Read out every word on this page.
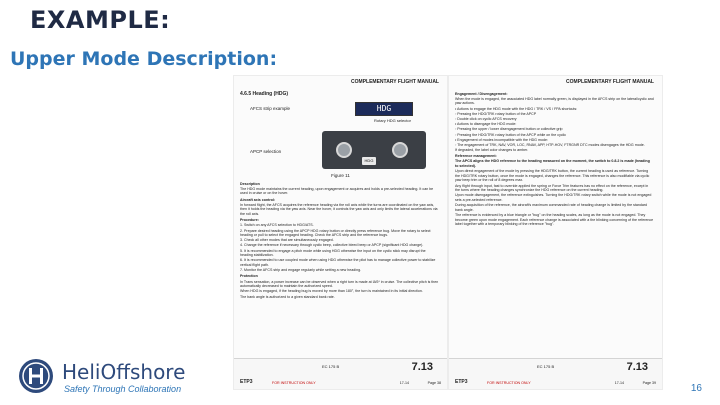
EXAMPLE:
Upper Mode Description:
COMPLEMENTARY FLIGHT MANUAL
4.6.5 Heading (HDG)
AFCS strip example	HDG
Rotary HDG selector
APCP selection
HDG
Figure 11

Description

The HDG mode maintains the current heading, upon engagement or acquires and holds a pre-selected heading. It can be used in cruise or on the hover.

Aircraft axis control:

In forward flight, the AFCS acquires the reference heading via the roll axis while the turns are coordinated on the yaw axis, then it holds the heading via the yaw axis. Near the hover, it controls the yaw axis and only limits the lateral accelerations via the roll axis.

Procedure:

1. Switch on any AFCS selection to HDG/ATS.

2. Prepare desired heading using the APCP HDG rotary button or directly press reference bug. Move the rotary to select heading or pull to select the engaged heading. Check the AFCS strip and the reference bugs.

3. Check all other modes that are simultaneously engaged.

4. Change the reference if necessary through cyclic beep, collective bleed beep or APCP (significant HDG change).

5. It is recommended to engage a pitch mode while using HDG otherwise the input on the cyclic stick may disrupt the heading stabilization.

6. It is recommended to use coupled mode when using HDG otherwise the pilot has to manage collective power to stabilize vertical flight path.

7. Monitor the AFCS strip and engage regularly while setting a new heading.

Protection

In Trans sensation, a power increase can be observed when a right turn is made at IAS* in cruise. The collective pitch is then automatically decreased to maintain the authorized speed.

When HDG is engaged, if the heading bug is moved by more than 180°, the turn is maintained in its initial direction.

The bank angle is authorized to a given standard bank rate.

EC 175 B	7.13
ETP3	FOR INSTRUCTION ONLY	17-14	Page 38
COMPLEMENTARY FLIGHT MANUAL

Engagement / Disengagement:

When the mode is engaged, the associated HDG label normally green, is displayed in the AFCS strip on the lateral/cyclic and yaw actions.

• Actions to engage the HDG mode with the HDG / TRK / VS / FPA shortcuts:

◦ Pressing the HDG/TRK rotary button of the APCP

◦ Double click on cyclic AFCS recovery

• Actions to disengage the HDG mode:

◦ Pressing the upper / lower disengagement button or collective grip

◦ Pressing the HDG/TRK rotary button of the APCP while on the cyclic

• Engagement of modes incompatible with the HDG mode:

◦ The engagement of TRK, NAV, VOR, LOC, RNAV, APP, HTP-HOV, FTRGNR DTC modes disengages the HDG mode.

If degraded, the label color changes to amber.

Reference management:

The APCS aligns the HDG reference to the heading measured on the moment, the switch to 0.8.2 is made (heading to selected).

Upon direct engagement of the mode by pressing the HDG/TRK button, the current heading is used as reference. Turning the HDG/TRK rotary button, once the mode is engaged, changes the reference. This reference is also modifiable via cyclic yaw beep trim or the roll of 8 degrees max.

Any flight through input, fast to override applied the spring or Force Trim features has no effect on the reference, except in the turns where the heading changes synchronize the HDG reference on the current heading.

Upon mode disengagement, the reference extinguishes. Turning the HDG/TRK rotary switch while the mode is not engaged sets a pre-selected reference.

During acquisition of the reference, the aircraft's maximum commanded rate of heading change is limited by the standard bank angle.

The reference is evidenced by a blue triangle or "bug" on the heading scales, as long as the mode is not engaged. They become green upon mode engagement. Each reference change is associated with a the blinking concerning of the reference label together with a temporary blinking of the reference "bug".

EC 175 B	7.13
ETP3	FOR INSTRUCTION ONLY	17-14	Page 39
HeliOffshore
Safety Through Collaboration	16
